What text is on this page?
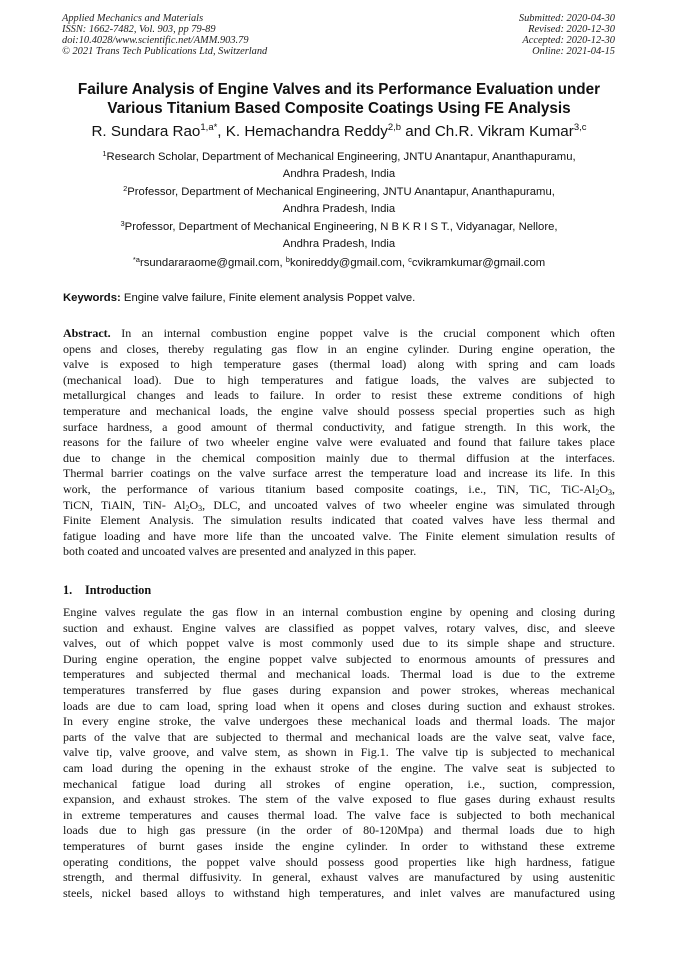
Applied Mechanics and Materials
ISSN: 1662-7482, Vol. 903, pp 79-89
doi:10.4028/www.scientific.net/AMM.903.79
© 2021 Trans Tech Publications Ltd, Switzerland
Submitted: 2020-04-30
Revised: 2020-12-30
Accepted: 2020-12-30
Online: 2021-04-15
Failure Analysis of Engine Valves and its Performance Evaluation under
Various Titanium Based Composite Coatings Using FE Analysis
R. Sundara Rao$^{1,a*}$, K. Hemachandra Reddy$^{2,b}$ and Ch.R. Vikram Kumar$^{3,c}$
$^1$Research Scholar, Department of Mechanical Engineering, JNTU Anantapur, Ananthapuramu,
Andhra Pradesh, India
$^2$Professor, Department of Mechanical Engineering, JNTU Anantapur, Ananthapuramu,
Andhra Pradesh, India
$^3$Professor, Department of Mechanical Engineering, N B K R I S T., Vidyanagar, Nellore,
Andhra Pradesh, India
$^{*a}$rsundararaome@gmail.com, $^b$konireddy@gmail.com, $^c$cvikramkumar@gmail.com
Keywords: Engine valve failure, Finite element analysis Poppet valve.
Abstract. In an internal combustion engine poppet valve is the crucial component which often
opens and closes, thereby regulating gas flow in an engine cylinder. During engine operation, the
valve is exposed to high temperature gases (thermal load) along with spring and cam loads
(mechanical load). Due to high temperatures and fatigue loads, the valves are subjected to
metallurgical changes and leads to failure. In order to resist these extreme conditions of high
temperature and mechanical loads, the engine valve should possess special properties such as high
surface hardness, a good amount of thermal conductivity, and fatigue strength. In this work, the
reasons for the failure of two wheeler engine valve were evaluated and found that failure takes place
due to change in the chemical composition mainly due to thermal diffusion at the interfaces.
Thermal barrier coatings on the valve surface arrest the temperature load and increase its life. In this
work, the performance of various titanium based composite coatings, i.e., TiN, TiC, TiC-$Al_2O_3$,
TiCN, TiAlN, TiN- $Al_2O_3$, DLC, and uncoated valves of two wheeler engine was simulated through
Finite Element Analysis. The simulation results indicated that coated valves have less thermal and
fatigue loading and have more life than the uncoated valve. The Finite element simulation results of
both coated and uncoated valves are presented and analyzed in this paper.
1. Introduction
Engine valves regulate the gas flow in an internal combustion engine by opening and closing during
suction and exhaust. Engine valves are classified as poppet valves, rotary valves, disc, and sleeve
valves, out of which poppet valve is most commonly used due to its simple shape and structure.
During engine operation, the engine poppet valve subjected to enormous amounts of pressures and
temperatures and subjected thermal and mechanical loads. Thermal load is due to the extreme
temperatures transferred by flue gases during expansion and power strokes, whereas mechanical
loads are due to cam load, spring load when it opens and closes during suction and exhaust strokes.
In every engine stroke, the valve undergoes these mechanical loads and thermal loads. The major
parts of the valve that are subjected to thermal and mechanical loads are the valve seat, valve face,
valve tip, valve groove, and valve stem, as shown in Fig.1. The valve tip is subjected to mechanical
cam load during the opening in the exhaust stroke of the engine. The valve seat is subjected to
mechanical fatigue load during all strokes of engine operation, i.e., suction, compression,
expansion, and exhaust strokes. The stem of the valve exposed to flue gases during exhaust results
in extreme temperatures and causes thermal load. The valve face is subjected to both mechanical
loads due to high gas pressure (in the order of 80-120Mpa) and thermal loads due to high
temperatures of burnt gases inside the engine cylinder. In order to withstand these extreme
operating conditions, the poppet valve should possess good properties like high hardness, fatigue
strength, and thermal diffusivity. In general, exhaust valves are manufactured by using austenitic
steels, nickel based alloys to withstand high temperatures, and inlet valves are manufactured using
